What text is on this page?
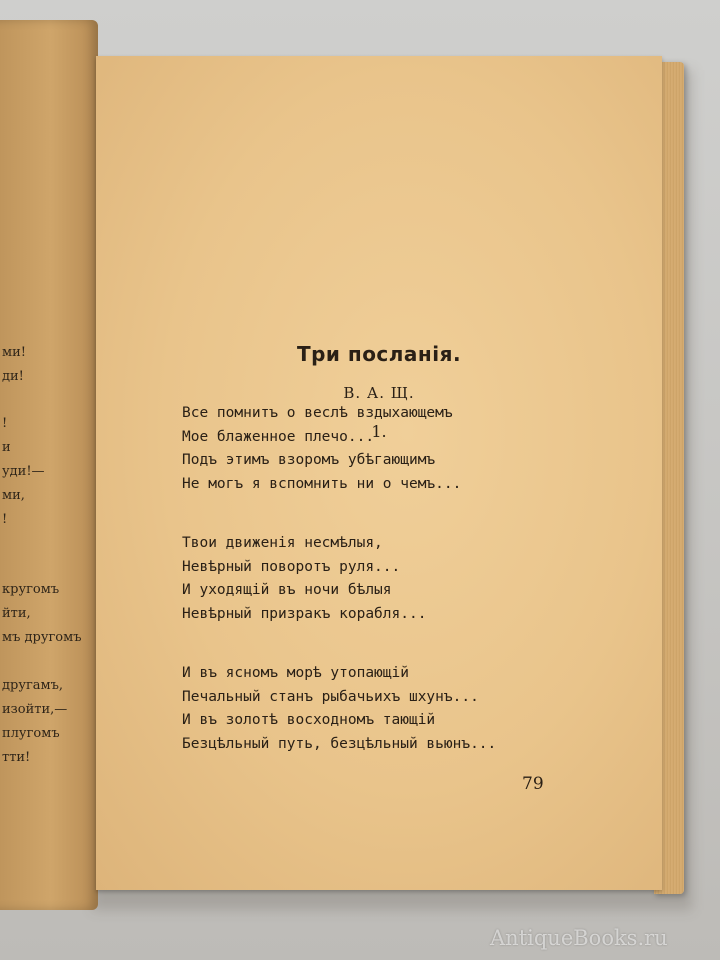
ми!
ди!
!
и
уди!—
ми,
!
кругомъ
йти,
мъ другомъ
другамъ,
изойти,—
плугомъ
тти!
Три посланія.
В. А. Щ.
1.
Все помнитъ о веслѣ вздыхающемъ
Мое блаженное плечо...
Подъ этимъ взоромъ убѣгающимъ
Не могъ я вспомнить ни о чемъ...
Твои движенія несмѣлыя,
Невѣрный поворотъ руля...
И уходящій въ ночи бѣлыя
Невѣрный призракъ корабля...
И въ ясномъ морѣ утопающій
Печальный станъ рыбачьихъ шхунъ...
И въ золотѣ восходномъ тающій
Безцѣльный путь, безцѣльный вьюнъ...
79
AntiqueBooks.ru
